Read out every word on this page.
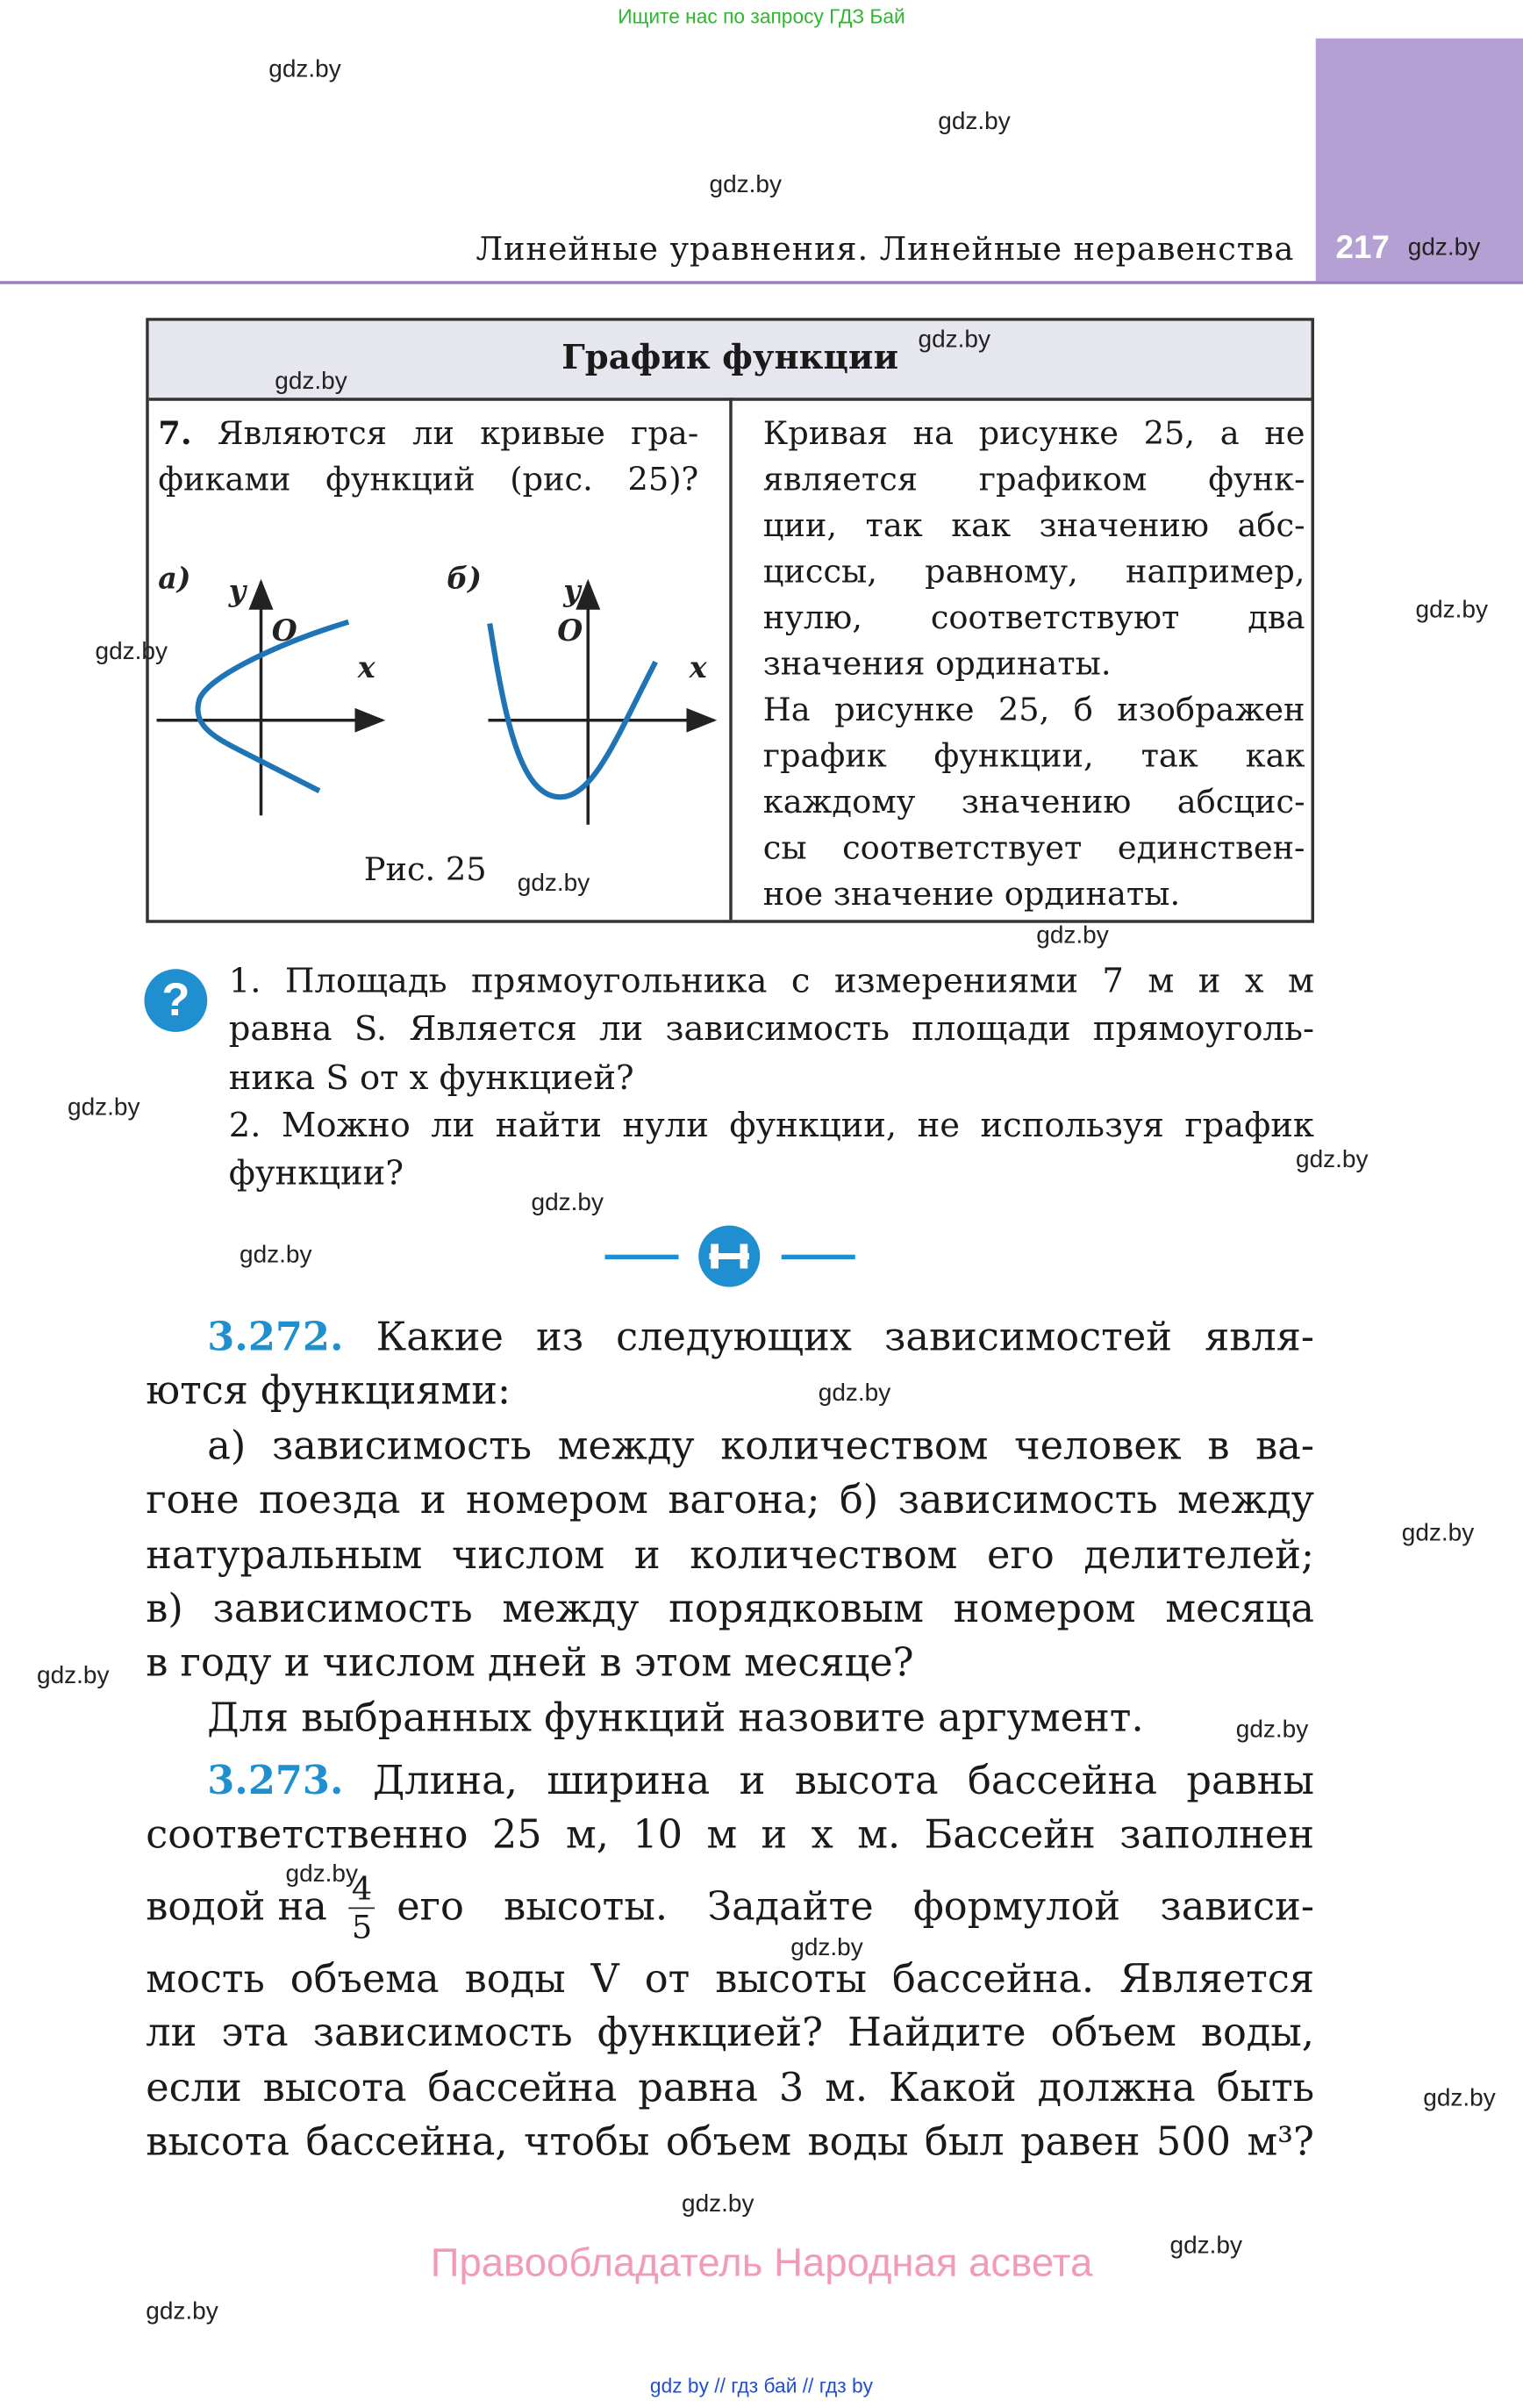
Ищите нас по запросу ГДЗ Бай
217
Линейные уравнения. Линейные неравенства
График функции
7. Являются ли кривые гра-
фиками функций (рис. 25)?
а)	б)
y	y
x	x
O	O
Рис. 25
Кривая на рисунке 25, а не
является графиком функ-
ции, так как значению абс-
циссы, равному, например,
нулю, соответствуют два
значения ординаты.
На рисунке 25, б изображен
график функции, так как
каждому значению абсцис-
сы соответствует единствен-
ное значение ординаты.
?	1. Площадь прямоугольника с измерениями 7 м и x м
равна S. Является ли зависимость площади прямоуголь-
ника S от x функцией?
2. Можно ли найти нули функции, не используя график
функции?
3.272. Какие из следующих зависимостей явля-
ются функциями:
а) зависимость между количеством человек в ва-
гоне поезда и номером вагона; б) зависимость между
натуральным числом и количеством его делителей;
в) зависимость между порядковым номером месяца
в году и числом дней в этом месяце?
Для выбранных функций назовите аргумент.
3.273. Длина, ширина и высота бассейна равны
соответственно 25 м, 10 м и x м. Бассейн заполнен
водой на $\frac{4}{5}$ его высоты. Задайте формулой зависи-
мость объема воды V от высоты бассейна. Является
ли эта зависимость функцией? Найдите объем воды,
если высота бассейна равна 3 м. Какой должна быть
высота бассейна, чтобы объем воды был равен 500 м³?
Правообладатель Народная асвета
gdz by // гдз бай // гдз by
gdz.by
gdz.by
gdz.by
gdz.by
gdz.by
gdz.by
gdz.by
gdz.by
gdz.by
gdz.by
gdz.by
gdz.by
gdz.by
gdz.by
gdz.by
gdz.by
gdz.by
gdz.by
gdz.by
gdz.by
gdz.by
gdz.by
gdz.by
gdz.by
